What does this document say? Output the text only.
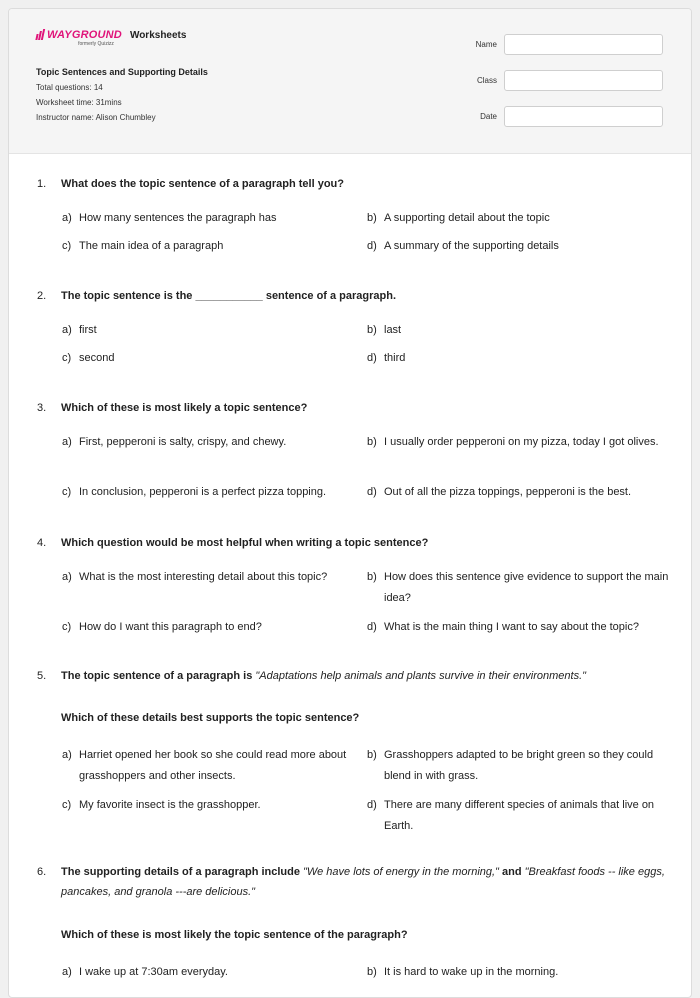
WAYGROUND
formerly Quizizz
Worksheets
Topic Sentences and Supporting Details
Total questions: 14
Worksheet time: 31mins
Instructor name: Alison Chumbley
Name
Class
Date
1. What does the topic sentence of a paragraph tell you?
a) How many sentences the paragraph has	b) A supporting detail about the topic
c) The main idea of a paragraph	d) A summary of the supporting details
2. The topic sentence is the ___________ sentence of a paragraph.
a) first	b) last
c) second	d) third
3. Which of these is most likely a topic sentence?
a) First, pepperoni is salty, crispy, and chewy.	b) I usually order pepperoni on my pizza, today I got olives.
c) In conclusion, pepperoni is a perfect pizza topping.	d) Out of all the pizza toppings, pepperoni is the best.
4. Which question would be most helpful when writing a topic sentence?
a) What is the most interesting detail about this topic?	b) How does this sentence give evidence to support the main idea?
c) How do I want this paragraph to end?	d) What is the main thing I want to say about the topic?
5. The topic sentence of a paragraph is "Adaptations help animals and plants survive in their environments."
Which of these details best supports the topic sentence?
a) Harriet opened her book so she could read more about grasshoppers and other insects.
b) Grasshoppers adapted to be bright green so they could blend in with grass.
c) My favorite insect is the grasshopper.	d) There are many different species of animals that live on Earth.
6. The supporting details of a paragraph include "We have lots of energy in the morning," and "Breakfast foods -- like eggs, pancakes, and granola ---are delicious."
Which of these is most likely the topic sentence of the paragraph?
a) I wake up at 7:30am everyday.	b) It is hard to wake up in the morning.
